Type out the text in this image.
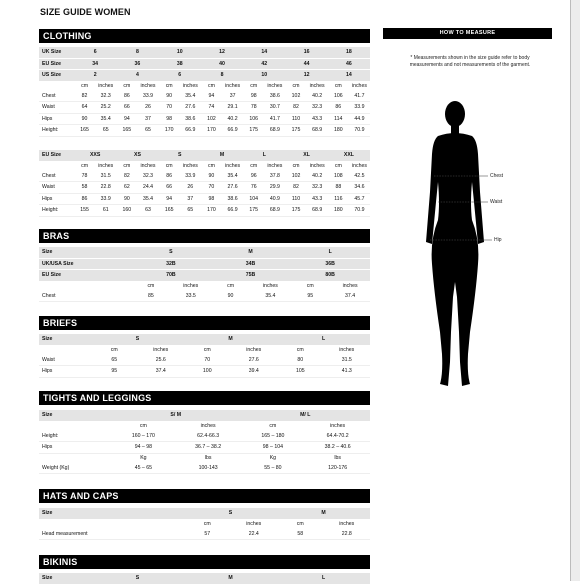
SIZE GUIDE WOMEN
CLOTHING
UK Size	6		8		10		12		14		16		18	
EU Size	34		36		38		40		42		44		46	
US Size	2		4		6		8		10		12		14	
	cm	inches	cm	inches	cm	inches	cm	inches	cm	inches	cm	inches	cm	inches
Chest	82	32.3	86	33.9	90	35.4	94	37	98	38.6	102	40.2	106	41.7
Waist	64	25.2	66	26	70	27.6	74	29.1	78	30.7	82	32.3	86	33.9
Hips	90	35.4	94	37	98	38.6	102	40.2	106	41.7	110	43.3	114	44.9
Height:	165	65	165	65	170	66.9	170	66.9	175	68.9	175	68.9	180	70.9
EU Size	XXS		XS		S		M		L		XL		XXL	
	cm	inches	cm	inches	cm	inches	cm	inches	cm	inches	cm	inches	cm	inches
Chest	78	31.5	82	32.3	86	33.9	90	35.4	96	37.8	102	40.2	108	42.5
Waist	58	22.8	62	24.4	66	26	70	27.6	76	29.9	82	32.3	88	34.6
Hips	86	33.9	90	35.4	94	37	98	38.6	104	40.9	110	43.3	116	45.7
Height:	155	61	160	63	165	65	170	66.9	175	68.9	175	68.9	180	70.9
BRAS
Size	S		M		L	
UK/USA Size	32B		34B		36B	
EU Size	70B		75B		80B	
	cm	inches	cm	inches	cm	inches
Chest	85	33.5	90	35.4	95	37.4
BRIEFS
Size	S		M		L	
	cm	inches	cm	inches	cm	inches
Waist	65	25.6	70	27.6	80	31.5
Hips	95	37.4	100	39.4	105	41.3
TIGHTS AND LEGGINGS
Size	S/ M		M/ L	
	cm	inches	cm	inches
Height:	160 – 170	62.4-66.3	165 – 180	64.4-70.2
Hips	94 – 98	36.7 – 38.2	98 – 104	38.2 – 40.6
	Kg	lbs	Kg	lbs
Weight (Kg)	45 – 65	100-143	55 – 80	120-176
HATS AND CAPS
Size	S		M	
	cm	inches	cm	inches
Head measurement	57	22.4	58	22.8
BIKINIS
Size	S	M	L
HOW TO MEASURE
* Measurements shown in the size guide refer to body measurements and not measurements of the garment.
Chest
Waist
Hip
